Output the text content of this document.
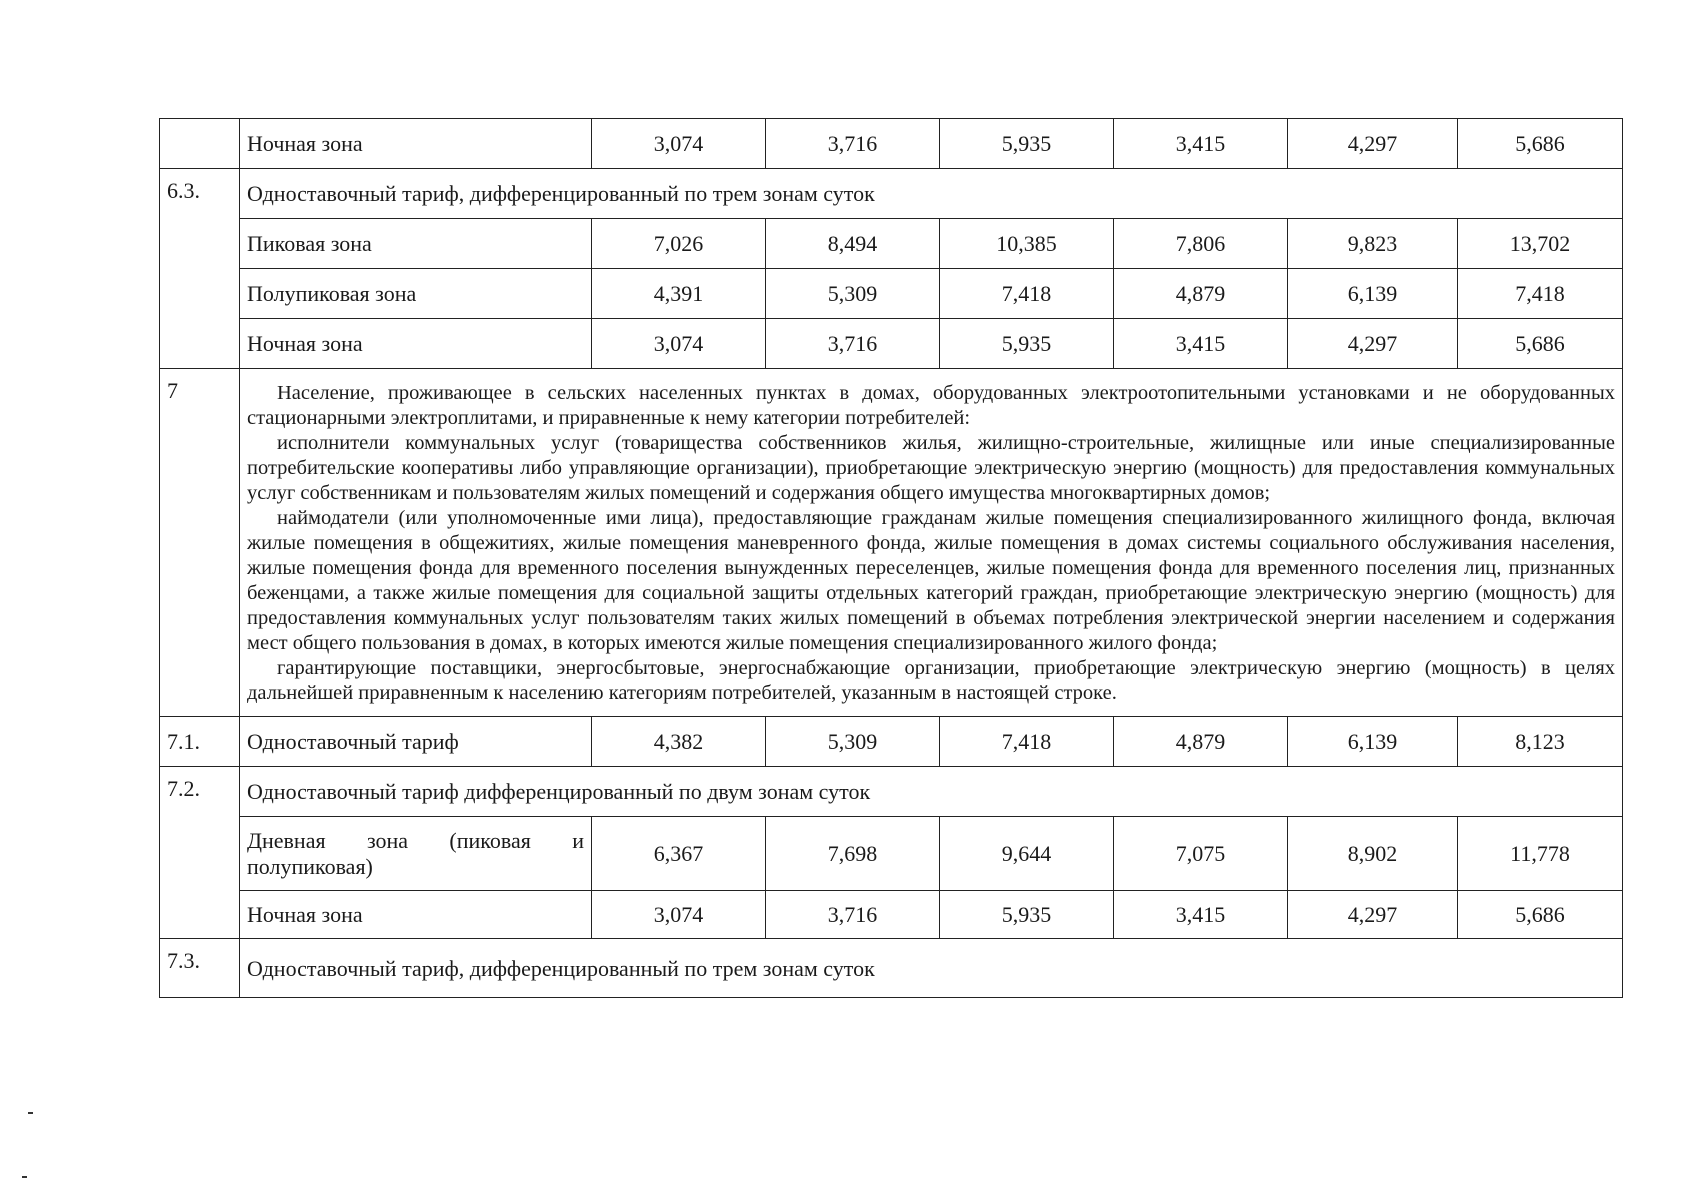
	Ночная зона	3,074	3,716	5,935	3,415	4,297	5,686
6.3.	Одноставочный тариф, дифференцированный по трем зонам суток						
	Пиковая зона	7,026	8,494	10,385	7,806	9,823	13,702
	Полупиковая зона	4,391	5,309	7,418	4,879	6,139	7,418
	Ночная зона	3,074	3,716	5,935	3,415	4,297	5,686
7	Население, проживающее в сельских населенных пунктах в домах, оборудованных электроотопительными установками и не оборудованных стационарными электроплитами, и приравненные к нему категории потребителей:

исполнители коммунальных услуг (товарищества собственников жилья, жилищно-строительные, жилищные или иные специализированные потребительские кооперативы либо управляющие организации), приобретающие электрическую энергию (мощность) для предоставления коммунальных услуг собственникам и пользователям жилых помещений и содержания общего имущества многоквартирных домов;

наймодатели (или уполномоченные ими лица), предоставляющие гражданам жилые помещения специализированного жилищного фонда, включая жилые помещения в общежитиях, жилые помещения маневренного фонда, жилые помещения в домах системы социального обслуживания населения, жилые помещения фонда для временного поселения вынужденных переселенцев, жилые помещения фонда для временного поселения лиц, признанных беженцами, а также жилые помещения для социальной защиты отдельных категорий граждан, приобретающие электрическую энергию (мощность) для предоставления коммунальных услуг пользователям таких жилых помещений в объемах потребления электрической энергии населением и содержания мест общего пользования в домах, в которых имеются жилые помещения специализированного жилого фонда;

гарантирующие поставщики, энергосбытовые, энергоснабжающие организации, приобретающие электрическую энергию (мощность) в целях дальнейшей приравненным к населению категориям потребителей, указанным в настоящей строке.						

7.1.	Одноставочный тариф	4,382	5,309	7,418	4,879	6,139	8,123
7.2.	Одноставочный тариф дифференцированный по двум зонам суток						

	Дневная зона (пиковая и полупиковая)	6,367	7,698	9,644	7,075	8,902	11,778
	Ночная зона	3,074	3,716	5,935	3,415	4,297	5,686
7.3.	Одноставочный тариф, дифференцированный по трем зонам суток						
